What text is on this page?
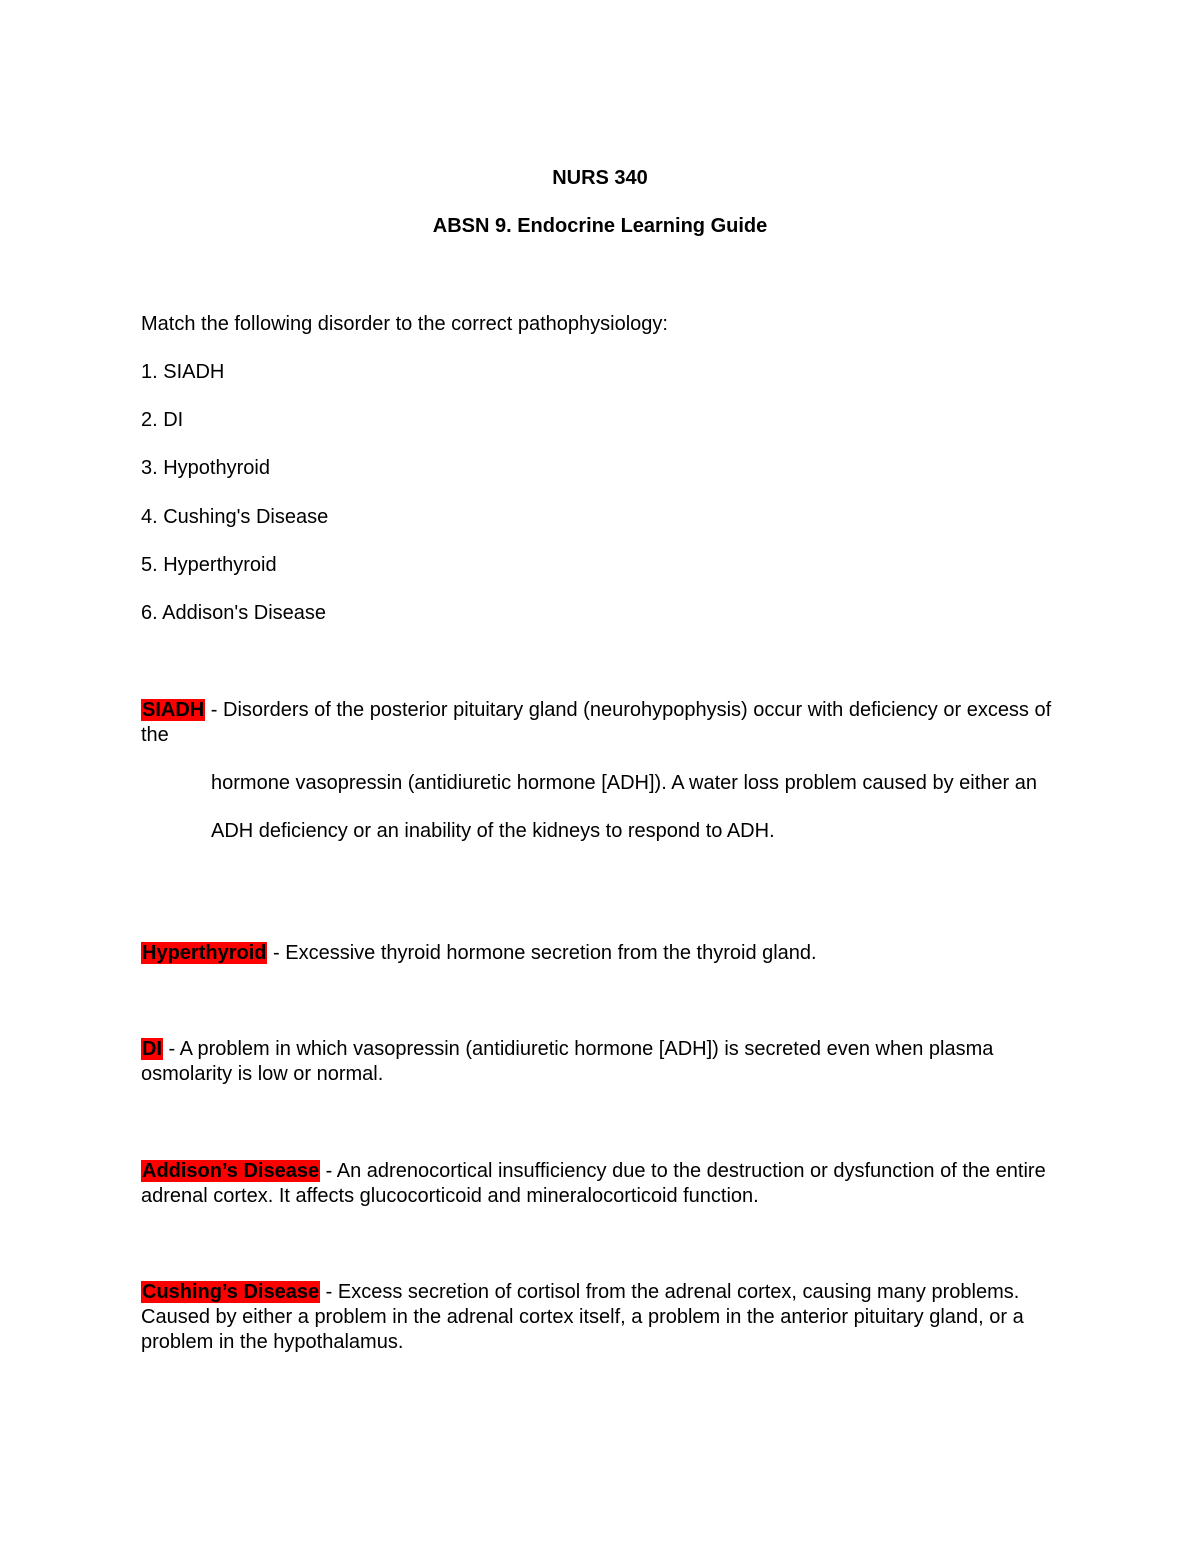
NURS 340
ABSN 9. Endocrine Learning Guide

Match the following disorder to the correct pathophysiology:

1. SIADH

2. DI

3. Hypothyroid

4. Cushing's Disease

5. Hyperthyroid

6. Addison's Disease

SIADH - Disorders of the posterior pituitary gland (neurohypophysis) occur with deficiency or excess of the

hormone vasopressin (antidiuretic hormone [ADH]). A water loss problem caused by either an

ADH deficiency or an inability of the kidneys to respond to ADH.

Hyperthyroid - Excessive thyroid hormone secretion from the thyroid gland.

DI - A problem in which vasopressin (antidiuretic hormone [ADH]) is secreted even when plasma osmolarity is low or normal.

Addison’s Disease - An adrenocortical insufficiency due to the destruction or dysfunction of the entire adrenal cortex. It affects glucocorticoid and mineralocorticoid function.

Cushing’s Disease - Excess secretion of cortisol from the adrenal cortex, causing many problems. Caused by either a problem in the adrenal cortex itself, a problem in the anterior pituitary gland, or a problem in the hypothalamus.
